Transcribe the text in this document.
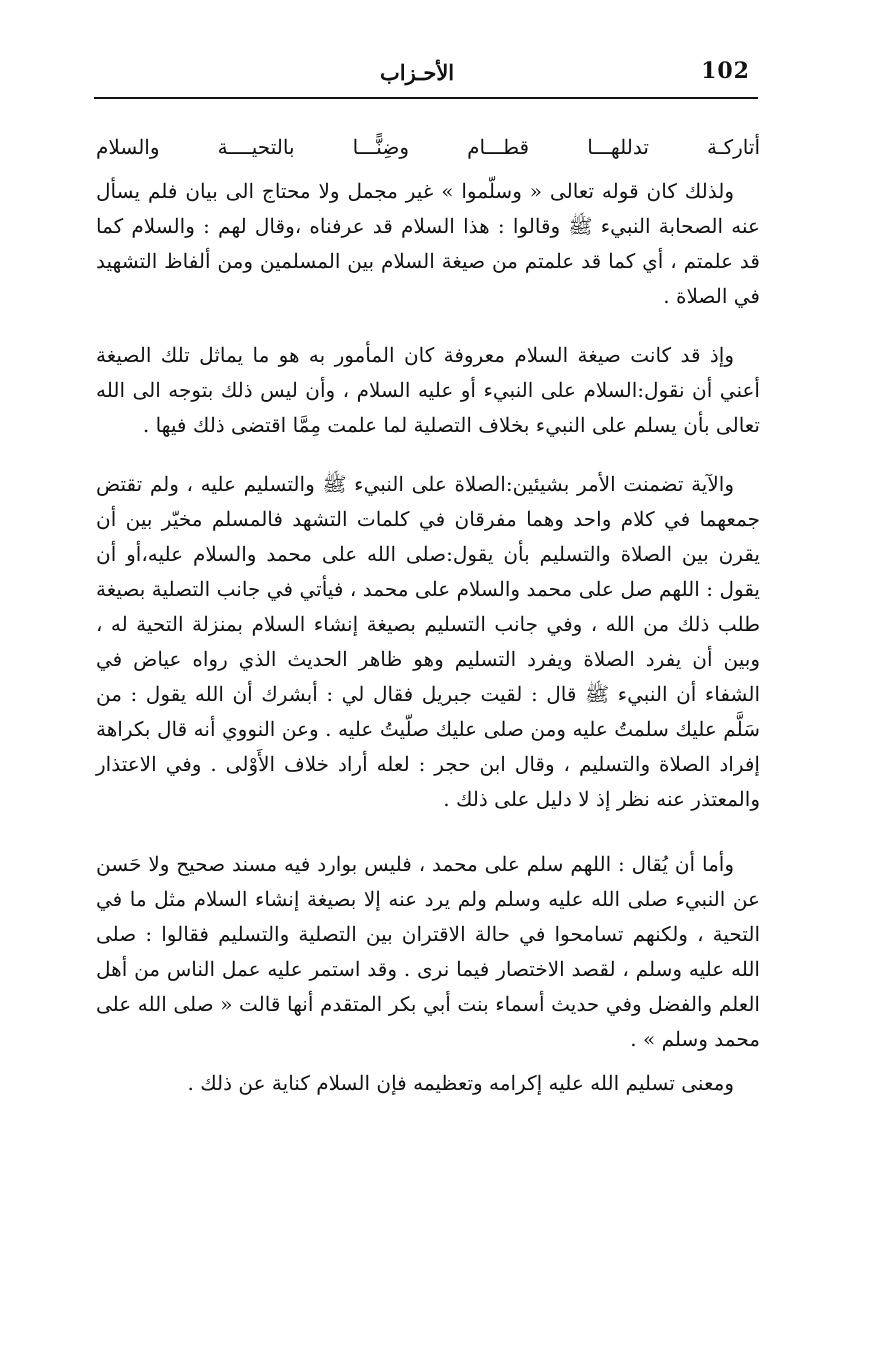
102
الأحـزاب
أتاركـة
تدللهـــا
قطـــام
وضِنًّـــا
بالتحيــــة
والسلام

ولذلك كان قوله تعالى « وسلّموا » غير مجمل ولا محتاج الى بيان فلم يسأل عنه الصحابة النبيء ﷺ وقالوا : هذا السلام قد عرفناه ،وقال لهم : والسلام كما قد علمتم ، أي كما قد علمتم من صيغة السلام بين المسلمين ومن ألفاظ التشهيد في الصلاة .

وإذ قد كانت صيغة السلام معروفة كان المأمور به هو ما يماثل تلك الصيغة أعني أن نقول:السلام على النبيء أو عليه السلام ، وأن ليس ذلك بتوجه الى الله تعالى بأن يسلم على النبيء بخلاف التصلية لما علمت مِمَّا اقتضى ذلك فيها .

والآية تضمنت الأمر بشيئين:الصلاة على النبيء ﷺ والتسليم عليه ، ولم تقتض جمعهما في كلام واحد وهما مفرقان في كلمات التشهد فالمسلم مخيّر بين أن يقرن بين الصلاة والتسليم بأن يقول:صلى الله على محمد والسلام عليه،أو أن يقول : اللهم صل على محمد والسلام على محمد ، فيأتي في جانب التصلية بصيغة طلب ذلك من الله ، وفي جانب التسليم بصيغة إنشاء السلام بمنزلة التحية له ، وبين أن يفرد الصلاة ويفرد التسليم وهو ظاهر الحديث الذي رواه عياض في الشفاء أن النبيء ﷺ قال : لقيت جبريل فقال لي : أبشرك أن الله يقول : من سَلَّم عليك سلمتُ عليه ومن صلى عليك صلّيتُ عليه . وعن النووي أنه قال بكراهة إفراد الصلاة والتسليم ، وقال ابن حجر : لعله أراد خلاف الأَوْلى . وفي الاعتذار والمعتذر عنه نظر إذ لا دليل على ذلك .

وأما أن يُقال : اللهم سلم على محمد ، فليس بوارد فيه مسند صحيح ولا حَسن عن النبيء صلى الله عليه وسلم ولم يرد عنه إلا بصيغة إنشاء السلام مثل ما في التحية ، ولكنهم تسامحوا في حالة الاقتران بين التصلية والتسليم فقالوا : صلى الله عليه وسلم ، لقصد الاختصار فيما نرى . وقد استمر عليه عمل الناس من أهل العلم والفضل وفي حديث أسماء بنت أبي بكر المتقدم أنها قالت « صلى الله على محمد وسلم » .

ومعنى تسليم الله عليه إكرامه وتعظيمه فإن السلام كناية عن ذلك .
